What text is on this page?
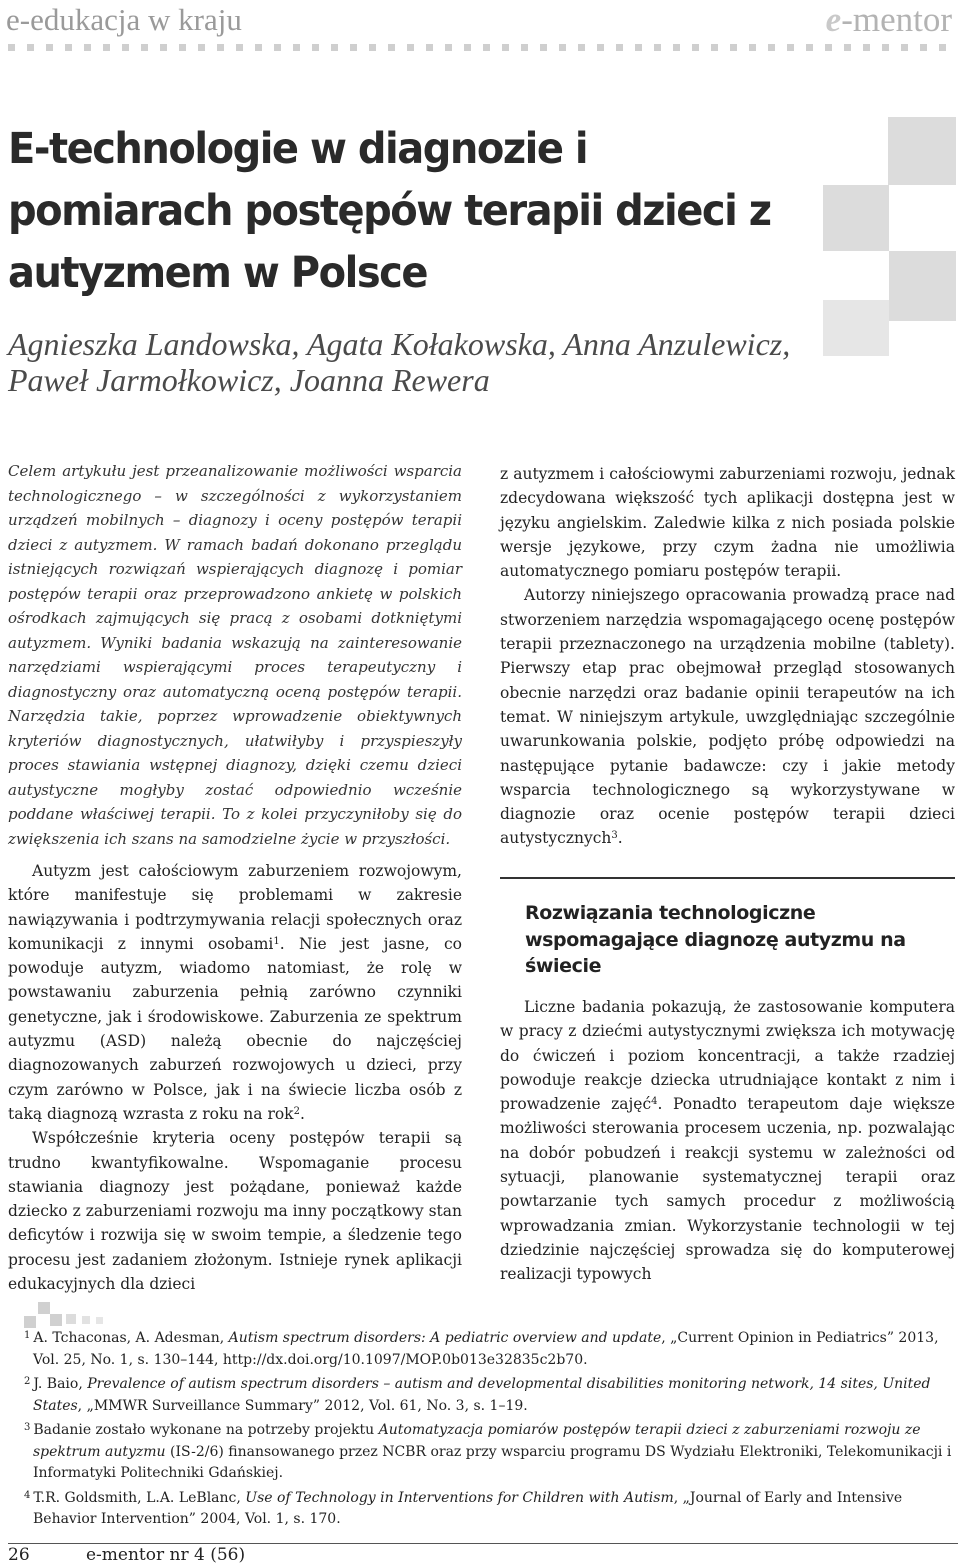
e-edukacja w kraju	e-mentor
E-technologie w diagnozie i pomiarach postępów terapii dzieci z autyzmem w Polsce
Agnieszka Landowska, Agata Kołakowska, Anna Anzulewicz, Paweł Jarmołkowicz, Joanna Rewera

Celem artykułu jest przeanalizowanie możliwości wsparcia technologicznego – w szczególności z wykorzystaniem urządzeń mobilnych – diagnozy i oceny postępów terapii dzieci z autyzmem. W ramach badań dokonano przeglądu istniejących rozwiązań wspierających diagnozę i pomiar postępów terapii oraz przeprowadzono ankietę w polskich ośrodkach zajmujących się pracą z osobami dotkniętymi autyzmem. Wyniki badania wskazują na zainteresowanie narzędziami wspierającymi proces terapeutyczny i diagnostyczny oraz automatyczną oceną postępów terapii. Narzędzia takie, poprzez wprowadzenie obiektywnych kryteriów diagnostycznych, ułatwiłyby i przyspieszyły proces stawiania wstępnej diagnozy, dzięki czemu dzieci autystyczne mogłyby zostać odpowiednio wcześnie poddane właściwej terapii. To z kolei przyczyniłoby się do zwiększenia ich szans na samodzielne życie w przyszłości.

Autyzm jest całościowym zaburzeniem rozwojowym, które manifestuje się problemami w zakresie nawiązywania i podtrzymywania relacji społecznych oraz komunikacji z innymi osobami$^1$. Nie jest jasne, co powoduje autyzm, wiadomo natomiast, że rolę w powstawaniu zaburzenia pełnią zarówno czynniki genetyczne, jak i środowiskowe. Zaburzenia ze spektrum autyzmu (ASD) należą obecnie do najczęściej diagnozowanych zaburzeń rozwojowych u dzieci, przy czym zarówno w Polsce, jak i na świecie liczba osób z taką diagnozą wzrasta z roku na rok$^2$.

Współcześnie kryteria oceny postępów terapii są trudno kwantyfikowalne. Wspomaganie procesu stawiania diagnozy jest pożądane, ponieważ każde dziecko z zaburzeniami rozwoju ma inny początkowy stan deficytów i rozwija się w swoim tempie, a śledzenie tego procesu jest zadaniem złożonym. Istnieje rynek aplikacji edukacyjnych dla dzieci

z autyzmem i całościowymi zaburzeniami rozwoju, jednak zdecydowana większość tych aplikacji dostępna jest w języku angielskim. Zaledwie kilka z nich posiada polskie wersje językowe, przy czym żadna nie umożliwia automatycznego pomiaru postępów terapii.

Autorzy niniejszego opracowania prowadzą prace nad stworzeniem narzędzia wspomagającego ocenę postępów terapii przeznaczonego na urządzenia mobilne (tablety). Pierwszy etap prac obejmował przegląd stosowanych obecnie narzędzi oraz badanie opinii terapeutów na ich temat. W niniejszym artykule, uwzględniając szczególnie uwarunkowania polskie, podjęto próbę odpowiedzi na następujące pytanie badawcze: czy i jakie metody wsparcia technologicznego są wykorzystywane w diagnozie oraz ocenie postępów terapii dzieci autystycznych$^3$.

Rozwiązania technologiczne wspomagające diagnozę autyzmu na świecie

Liczne badania pokazują, że zastosowanie komputera w pracy z dziećmi autystycznymi zwiększa ich motywację do ćwiczeń i poziom koncentracji, a także rzadziej powoduje reakcje dziecka utrudniające kontakt z nim i prowadzenie zajęć$^4$. Ponadto terapeutom daje większe możliwości sterowania procesem uczenia, np. pozwalając na dobór pobudzeń i reakcji systemu w zależności od sytuacji, planowanie systematycznej terapii oraz powtarzanie tych samych procedur z możliwością wprowadzania zmian. Wykorzystanie technologii w tej dziedzinie najczęściej sprowadza się do komputerowej realizacji typowych

$^1$ A. Tchaconas, A. Adesman, Autism spectrum disorders: A pediatric overview and update, „Current Opinion in Pediatrics” 2013, Vol. 25, No. 1, s. 130–144, http://dx.doi.org/10.1097/MOP.0b013e32835c2b70.

$^2$ J. Baio, Prevalence of autism spectrum disorders – autism and developmental disabilities monitoring network, 14 sites, United States, „MMWR Surveillance Summary” 2012, Vol. 61, No. 3, s. 1–19.

$^3$ Badanie zostało wykonane na potrzeby projektu Automatyzacja pomiarów postępów terapii dzieci z zaburzeniami rozwoju ze spektrum autyzmu (IS-2/6) finansowanego przez NCBR oraz przy wsparciu programu DS Wydziału Elektroniki, Telekomunikacji i Informatyki Politechniki Gdańskiej.

$^4$ T.R. Goldsmith, L.A. LeBlanc, Use of Technology in Interventions for Children with Autism, „Journal of Early and Intensive Behavior Intervention” 2004, Vol. 1, s. 170.

26	e-mentor nr 4 (56)
